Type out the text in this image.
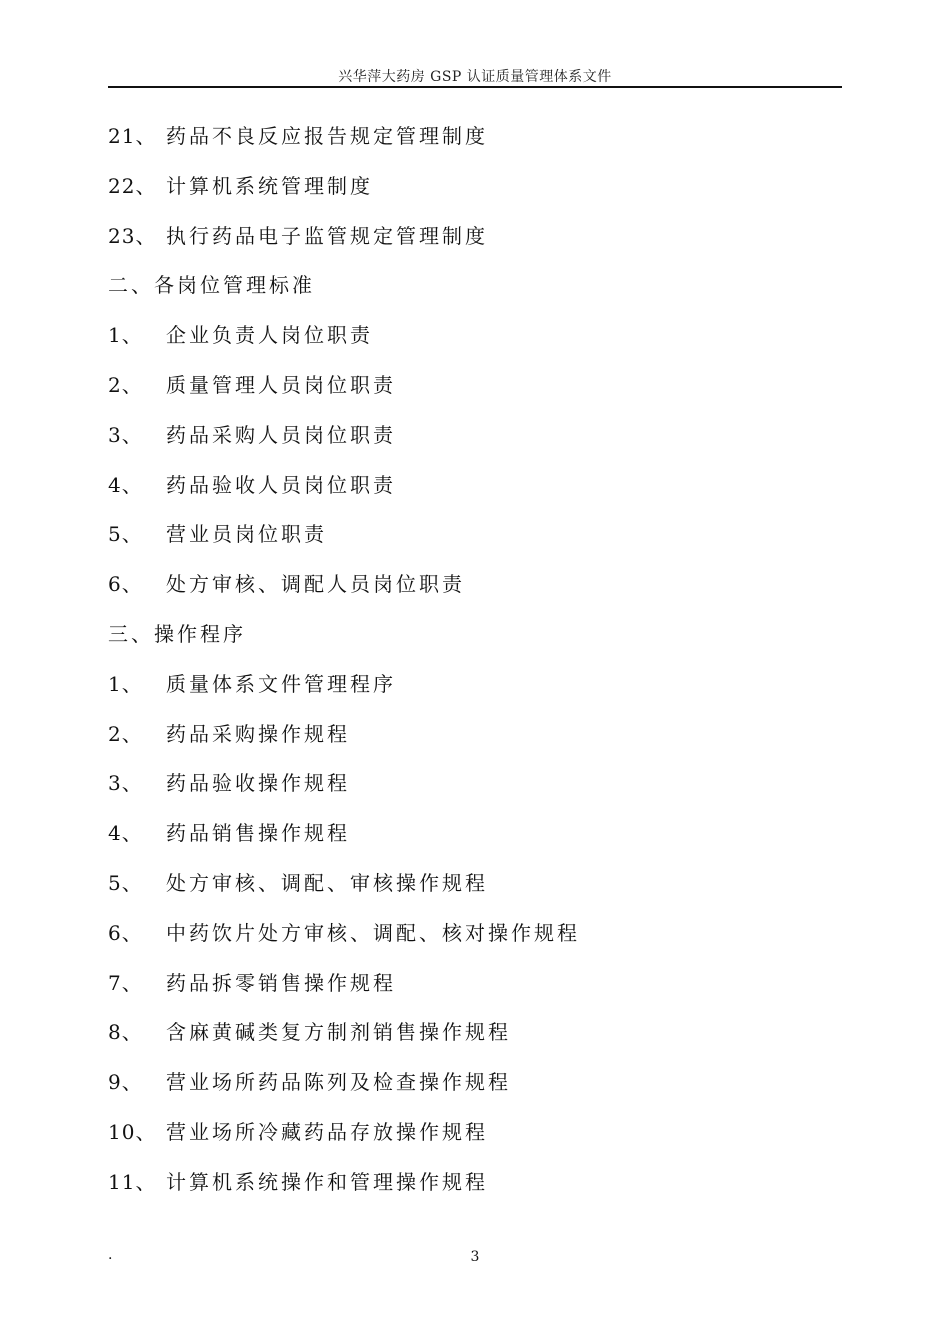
兴华萍大药房 GSP 认证质量管理体系文件
21、 药品不良反应报告规定管理制度
22、 计算机系统管理制度
23、 执行药品电子监管规定管理制度
二、各岗位管理标准
1、 企业负责人岗位职责
2、 质量管理人员岗位职责
3、 药品采购人员岗位职责
4、 药品验收人员岗位职责
5、 营业员岗位职责
6、 处方审核、调配人员岗位职责
三、操作程序
1、 质量体系文件管理程序
2、 药品采购操作规程
3、 药品验收操作规程
4、 药品销售操作规程
5、 处方审核、调配、审核操作规程
6、 中药饮片处方审核、调配、核对操作规程
7、 药品拆零销售操作规程
8、 含麻黄碱类复方制剂销售操作规程
9、 营业场所药品陈列及检查操作规程
10、 营业场所冷藏药品存放操作规程
11、 计算机系统操作和管理操作规程
.	3
